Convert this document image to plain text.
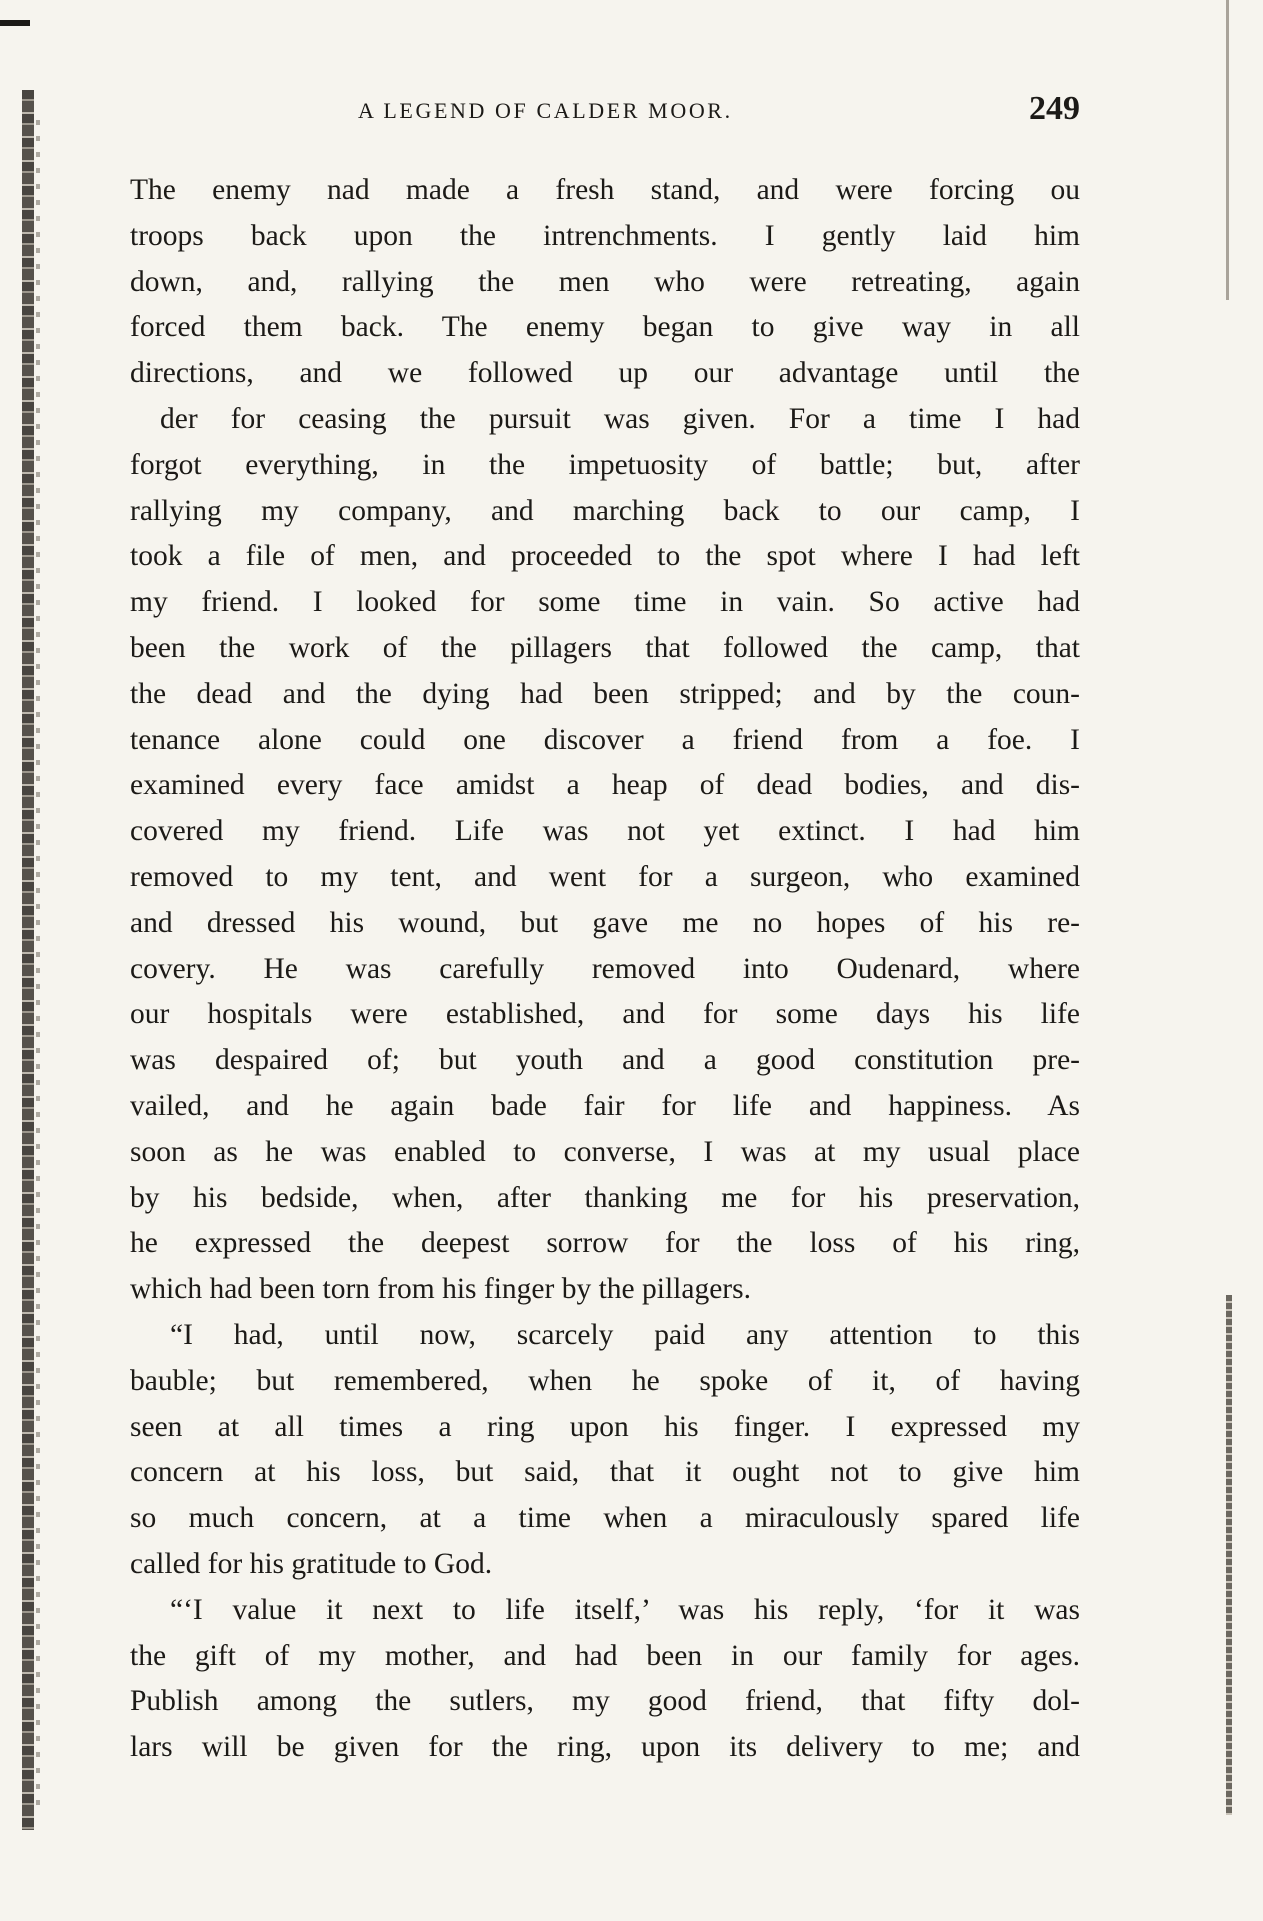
A LEGEND OF CALDER MOOR.	249
The enemy nad made a fresh stand, and were forcing ou
troops back upon the intrenchments. I gently laid him
down, and, rallying the men who were retreating, again
forced them back. The enemy began to give way in all
directions, and we followed up our advantage until the
der for ceasing the pursuit was given. For a time I had
forgot everything, in the impetuosity of battle; but, after
rallying my company, and marching back to our camp, I
took a file of men, and proceeded to the spot where I had left
my friend. I looked for some time in vain. So active had
been the work of the pillagers that followed the camp, that
the dead and the dying had been stripped; and by the coun-
tenance alone could one discover a friend from a foe. I
examined every face amidst a heap of dead bodies, and dis-
covered my friend. Life was not yet extinct. I had him
removed to my tent, and went for a surgeon, who examined
and dressed his wound, but gave me no hopes of his re-
covery. He was carefully removed into Oudenard, where
our hospitals were established, and for some days his life
was despaired of; but youth and a good constitution pre-
vailed, and he again bade fair for life and happiness. As
soon as he was enabled to converse, I was at my usual place
by his bedside, when, after thanking me for his preservation,
he expressed the deepest sorrow for the loss of his ring,
which had been torn from his finger by the pillagers.
“I had, until now, scarcely paid any attention to this
bauble; but remembered, when he spoke of it, of having
seen at all times a ring upon his finger. I expressed my
concern at his loss, but said, that it ought not to give him
so much concern, at a time when a miraculously spared life
called for his gratitude to God.
“‘I value it next to life itself,’ was his reply, ‘for it was
the gift of my mother, and had been in our family for ages.
Publish among the sutlers, my good friend, that fifty dol-
lars will be given for the ring, upon its delivery to me; and
